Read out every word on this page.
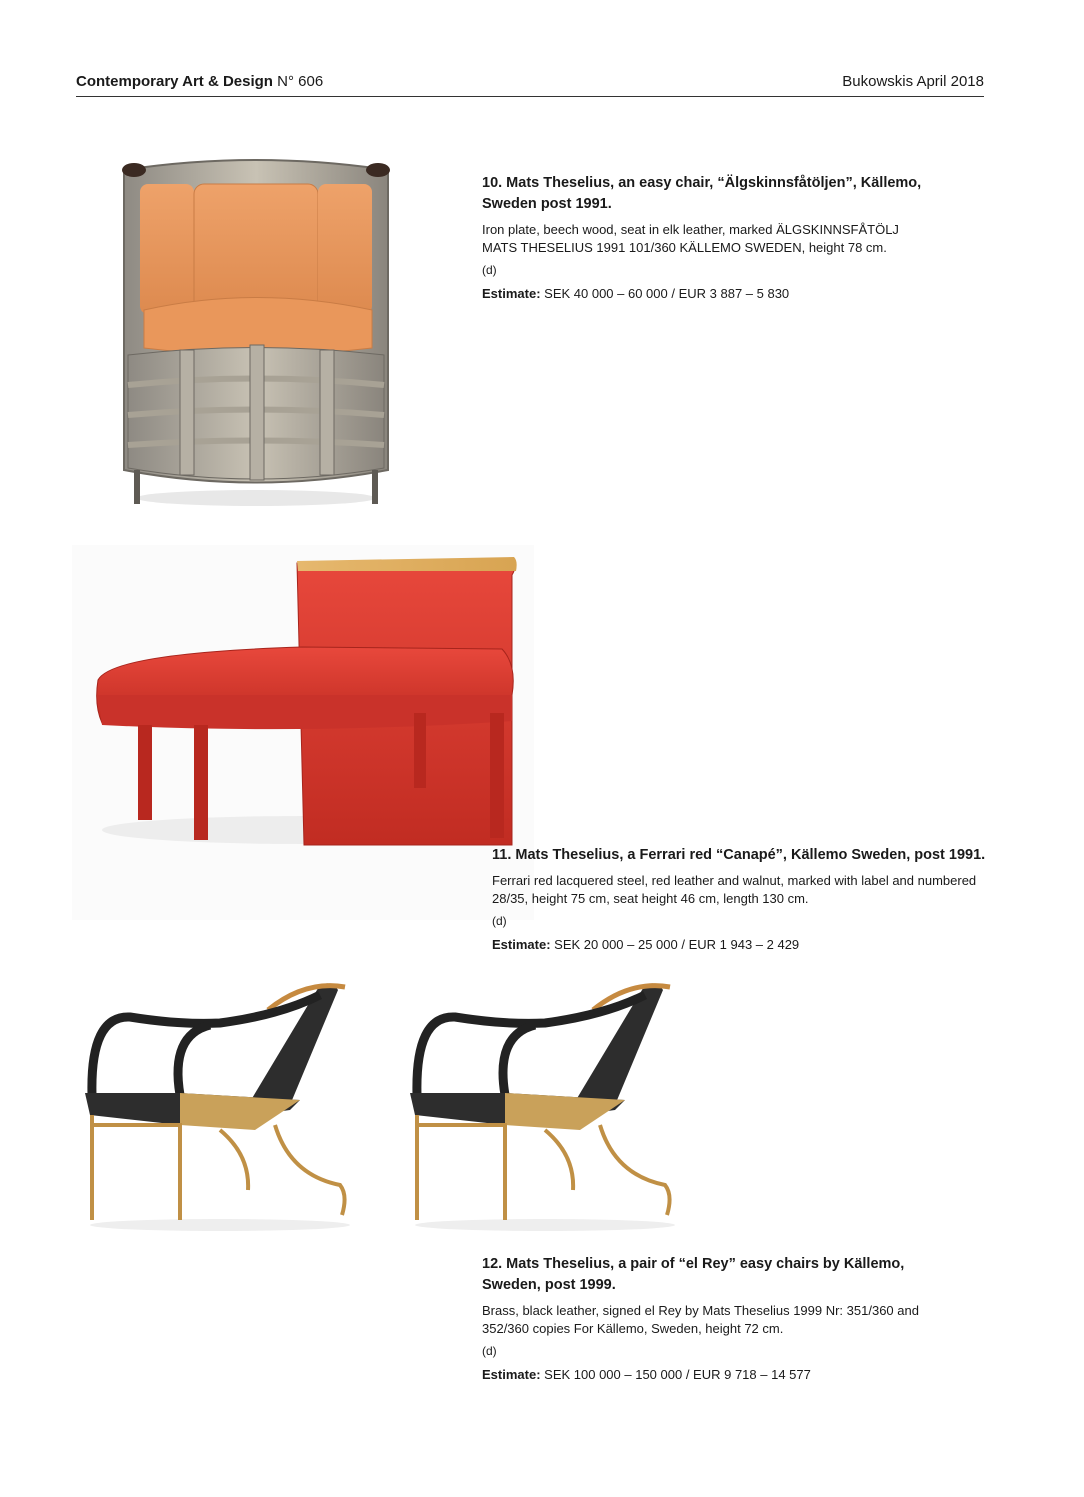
Contemporary Art & Design N° 606	Bukowskis April 2018
10. Mats Theselius, an easy chair, “Älgskinnsfåtöljen”, Källemo, Sweden post 1991.
Iron plate, beech wood, seat in elk leather, marked ÄLGSKINNSFÅTÖLJ MATS THESELIUS 1991 101/360 KÄLLEMO SWEDEN, height 78 cm.
(d)
Estimate: SEK 40 000 – 60 000 / EUR 3 887 – 5 830
11. Mats Theselius, a Ferrari red “Canapé”, Källemo Sweden, post 1991.
Ferrari red lacquered steel, red leather and walnut, marked with label and numbered 28/35, height 75 cm, seat height 46 cm, length 130 cm.
(d)
Estimate: SEK 20 000 – 25 000 / EUR 1 943 – 2 429
12. Mats Theselius, a pair of “el Rey” easy chairs by Källemo, Sweden, post 1999.
Brass, black leather, signed el Rey by Mats Theselius 1999 Nr: 351/360 and 352/360 copies For Källemo, Sweden, height 72 cm.
(d)
Estimate: SEK 100 000 – 150 000 / EUR 9 718 – 14 577
